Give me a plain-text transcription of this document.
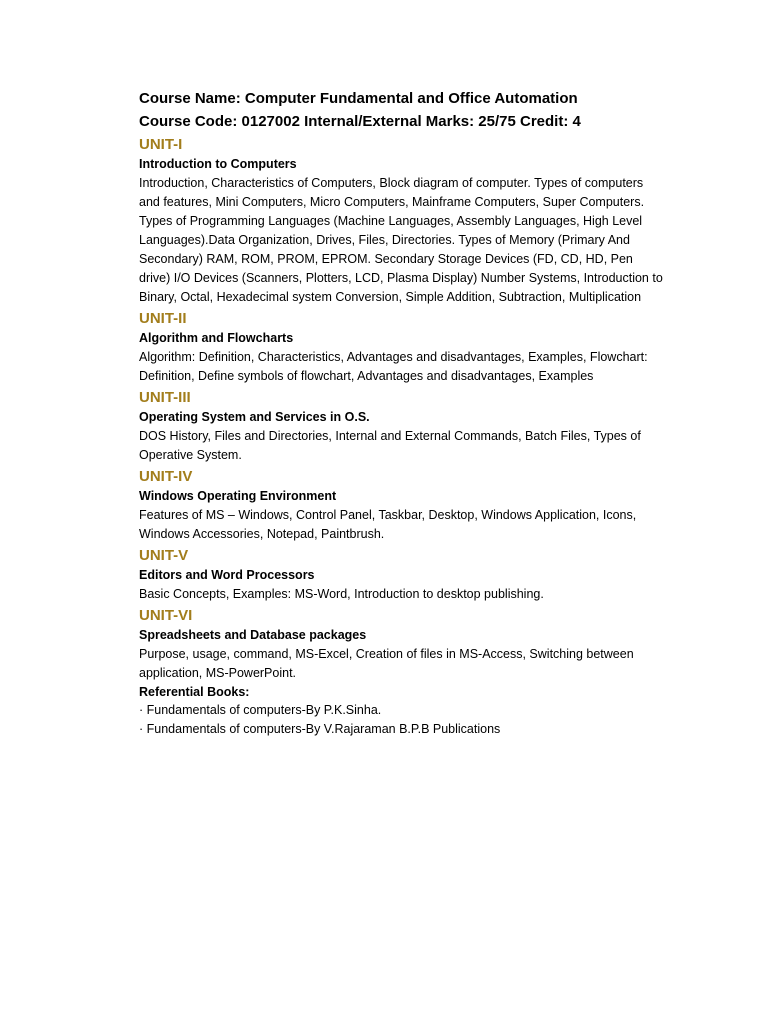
Course Name: Computer Fundamental and Office Automation
Course Code: 0127002 Internal/External Marks: 25/75 Credit: 4
UNIT-I
Introduction to Computers
Introduction, Characteristics of Computers, Block diagram of computer. Types of computers
and features, Mini Computers, Micro Computers, Mainframe Computers, Super Computers.
Types of Programming Languages (Machine Languages, Assembly Languages, High Level
Languages).Data Organization, Drives, Files, Directories. Types of Memory (Primary And
Secondary) RAM, ROM, PROM, EPROM. Secondary Storage Devices (FD, CD, HD, Pen
drive) I/O Devices (Scanners, Plotters, LCD, Plasma Display) Number Systems, Introduction to
Binary, Octal, Hexadecimal system Conversion, Simple Addition, Subtraction, Multiplication
UNIT-II
Algorithm and Flowcharts
Algorithm: Definition, Characteristics, Advantages and disadvantages, Examples, Flowchart:
Definition, Define symbols of flowchart, Advantages and disadvantages, Examples
UNIT-III
Operating System and Services in O.S.
DOS History, Files and Directories, Internal and External Commands, Batch Files, Types of
Operative System.
UNIT-IV
Windows Operating Environment
Features of MS – Windows, Control Panel, Taskbar, Desktop, Windows Application, Icons,
Windows Accessories, Notepad, Paintbrush.
UNIT-V
Editors and Word Processors
Basic Concepts, Examples: MS-Word, Introduction to desktop publishing.
UNIT-VI
Spreadsheets and Database packages
Purpose, usage, command, MS-Excel, Creation of files in MS-Access, Switching between
application, MS-PowerPoint.
Referential Books:
· Fundamentals of computers-By P.K.Sinha.
· Fundamentals of computers-By V.Rajaraman B.P.B Publications
